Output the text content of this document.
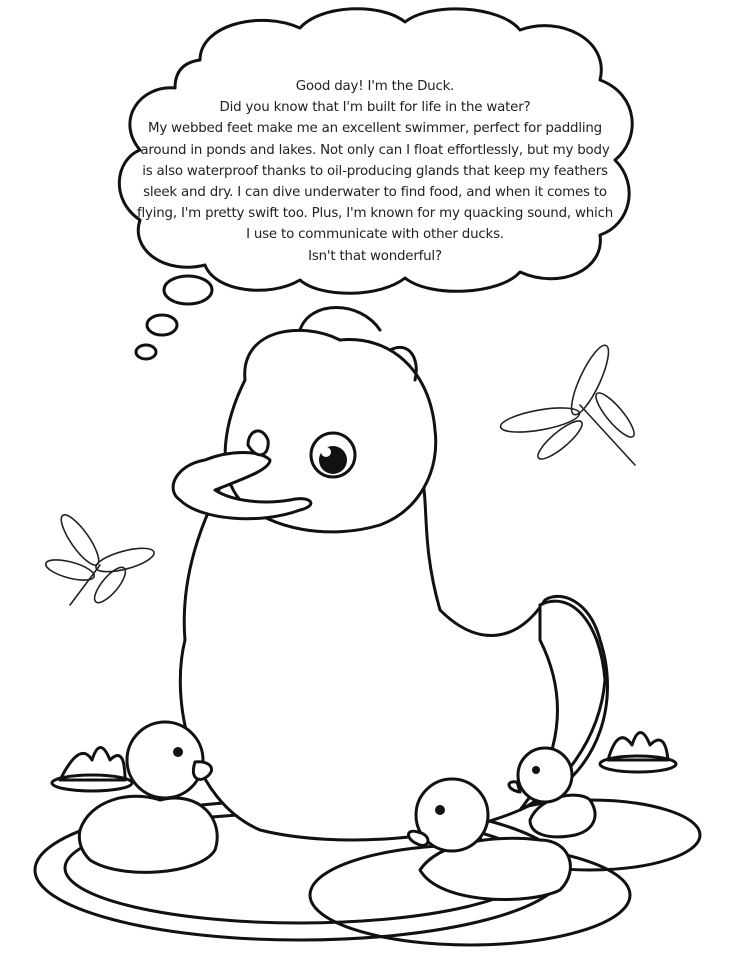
Good day! I'm the Duck.
Did you know that I'm built for life in the water?
My webbed feet make me an excellent swimmer, perfect for paddling
around in ponds and lakes. Not only can I float effortlessly, but my body
is also waterproof thanks to oil-producing glands that keep my feathers
sleek and dry. I can dive underwater to find food, and when it comes to
flying, I'm pretty swift too. Plus, I'm known for my quacking sound, which
I use to communicate with other ducks.
Isn't that wonderful?
